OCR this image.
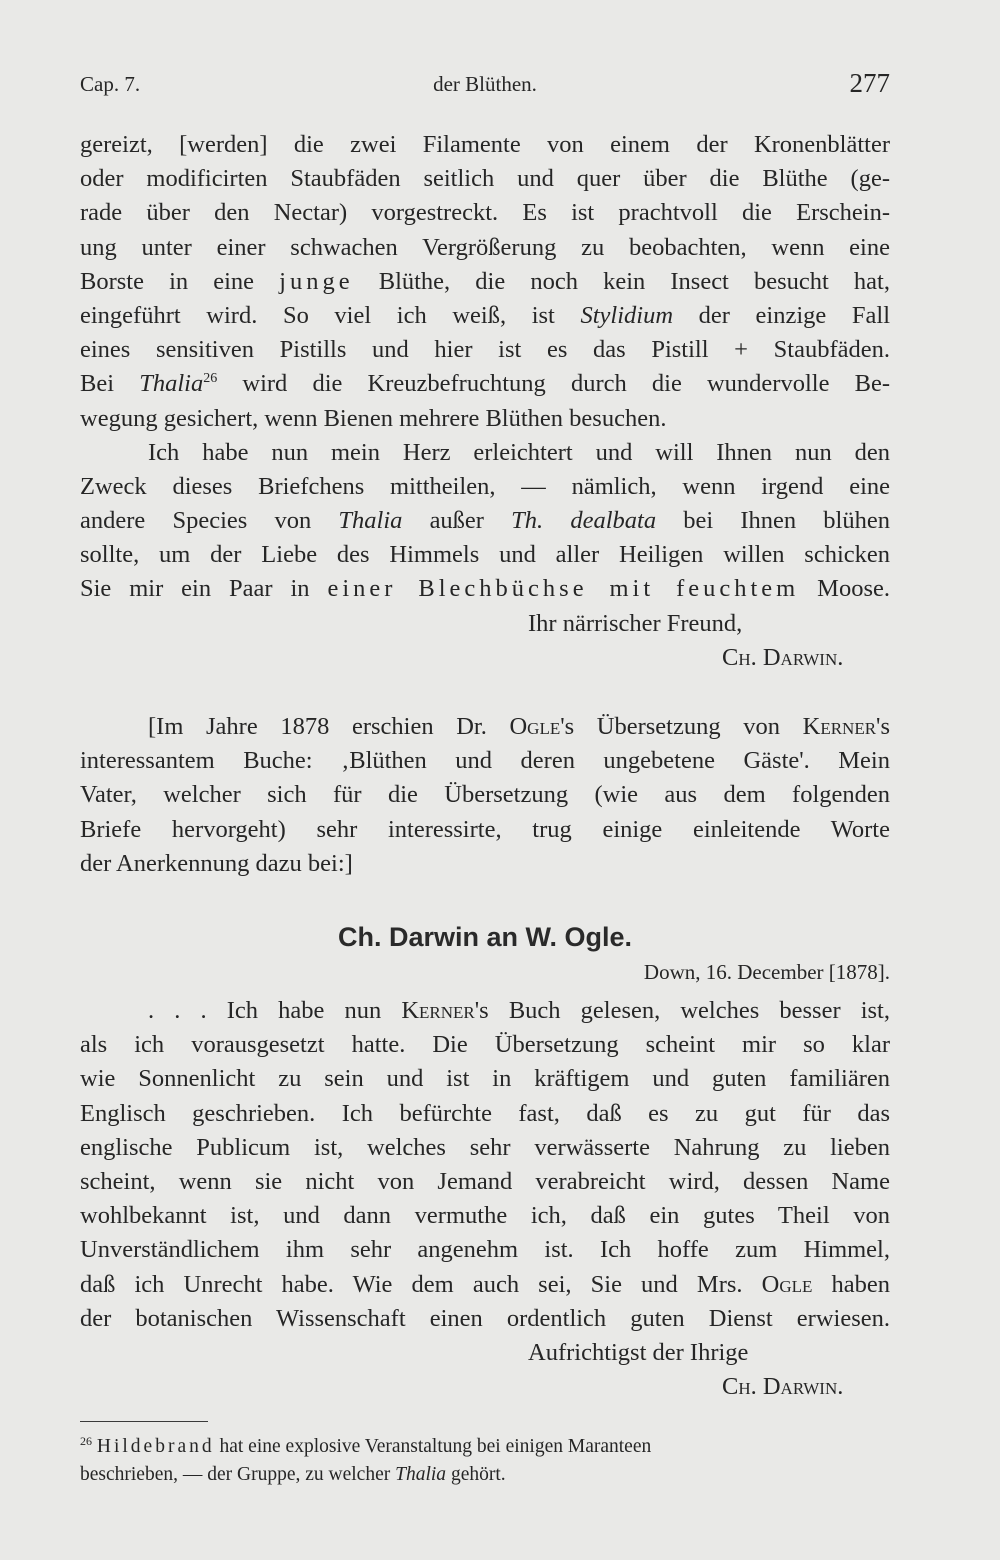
Cap. 7.	der Blüthen.	277
gereizt, [werden] die zwei Filamente von einem der Kronenblätter
oder modificirten Staubfäden seitlich und quer über die Blüthe (ge-
rade über den Nectar) vorgestreckt. Es ist prachtvoll die Erschein-
ung unter einer schwachen Vergrößerung zu beobachten, wenn eine
Borste in eine junge Blüthe, die noch kein Insect besucht hat,
eingeführt wird. So viel ich weiß, ist Stylidium der einzige Fall
eines sensitiven Pistills und hier ist es das Pistill + Staubfäden.
Bei Thalia$^{26}$ wird die Kreuzbefruchtung durch die wundervolle Be-
wegung gesichert, wenn Bienen mehrere Blüthen besuchen.
Ich habe nun mein Herz erleichtert und will Ihnen nun den
Zweck dieses Briefchens mittheilen, — nämlich, wenn irgend eine
andere Species von Thalia außer Th. dealbata bei Ihnen blühen
sollte, um der Liebe des Himmels und aller Heiligen willen schicken
Sie mir ein Paar in einer Blechbüchse mit feuchtem Moose.
Ihr närrischer Freund,
Ch. Darwin.
[Im Jahre 1878 erschien Dr. Ogle's Übersetzung von Kerner's
interessantem Buche: ‚Blüthen und deren ungebetene Gäste'. Mein
Vater, welcher sich für die Übersetzung (wie aus dem folgenden
Briefe hervorgeht) sehr interessirte, trug einige einleitende Worte
der Anerkennung dazu bei:]
Ch. Darwin an W. Ogle.
Down, 16. December [1878].
. . . Ich habe nun Kerner's Buch gelesen, welches besser ist,
als ich vorausgesetzt hatte. Die Übersetzung scheint mir so klar
wie Sonnenlicht zu sein und ist in kräftigem und guten familiären
Englisch geschrieben. Ich befürchte fast, daß es zu gut für das
englische Publicum ist, welches sehr verwässerte Nahrung zu lieben
scheint, wenn sie nicht von Jemand verabreicht wird, dessen Name
wohlbekannt ist, und dann vermuthe ich, daß ein gutes Theil von
Unverständlichem ihm sehr angenehm ist. Ich hoffe zum Himmel,
daß ich Unrecht habe. Wie dem auch sei, Sie und Mrs. Ogle haben
der botanischen Wissenschaft einen ordentlich guten Dienst erwiesen.
Aufrichtigst der Ihrige
Ch. Darwin.
$^{26}$ Hildebrand hat eine explosive Veranstaltung bei einigen Maranteen
beschrieben, — der Gruppe, zu welcher Thalia gehört.
